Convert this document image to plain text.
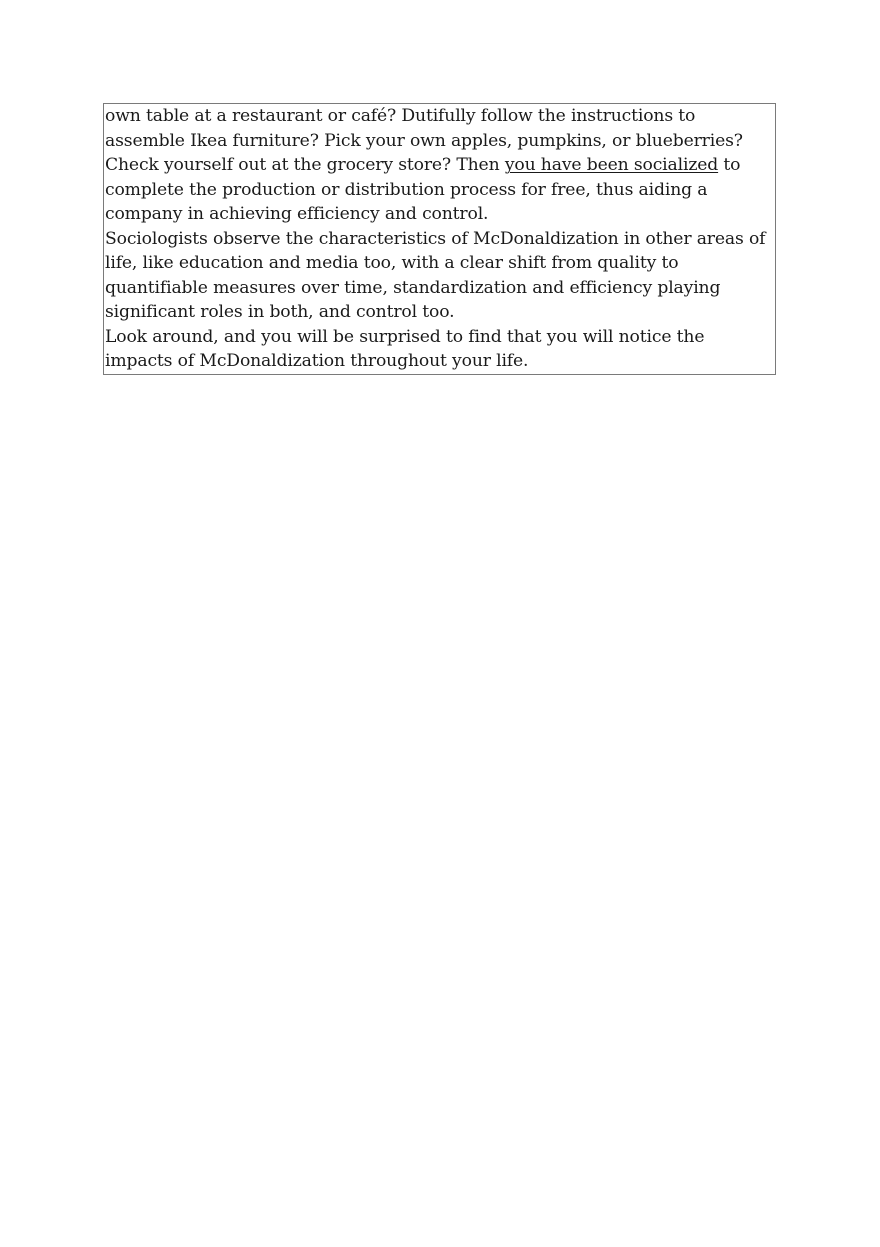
own table at a restaurant or café? Dutifully follow the instructions to assemble Ikea furniture? Pick your own apples, pumpkins, or blueberries? Check yourself out at the grocery store? Then you have been socialized to complete the production or distribution process for free, thus aiding a company in achieving efficiency and control.

Sociologists observe the characteristics of McDonaldization in other areas of life, like education and media too, with a clear shift from quality to quantifiable measures over time, standardization and efficiency playing significant roles in both, and control too.

Look around, and you will be surprised to find that you will notice the impacts of McDonaldization throughout your life.
